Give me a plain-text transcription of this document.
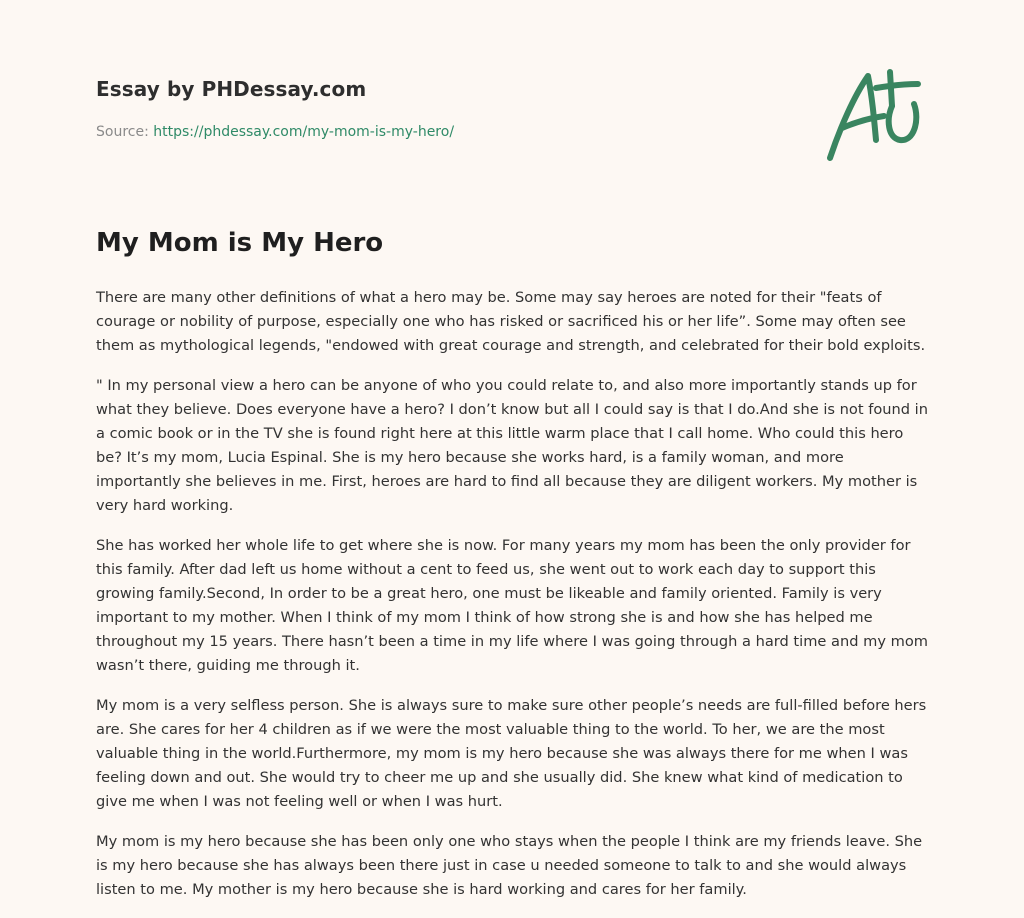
Essay by PHDessay.com
Source: https://phdessay.com/my-mom-is-my-hero/
My Mom is My Hero

There are many other definitions of what a hero may be. Some may say heroes are noted for their "feats of courage or nobility of purpose, especially one who has risked or sacrificed his or her life”. Some may often see them as mythological legends, "endowed with great courage and strength, and celebrated for their bold exploits.

" In my personal view a hero can be anyone of who you could relate to, and also more importantly stands up for what they believe. Does everyone have a hero? I don’t know but all I could say is that I do.And she is not found in a comic book or in the TV she is found right here at this little warm place that I call home. Who could this hero be? It’s my mom, Lucia Espinal. She is my hero because she works hard, is a family woman, and more importantly she believes in me. First, heroes are hard to find all because they are diligent workers. My mother is very hard working.

She has worked her whole life to get where she is now. For many years my mom has been the only provider for this family. After dad left us home without a cent to feed us, she went out to work each day to support this growing family.Second, In order to be a great hero, one must be likeable and family oriented. Family is very important to my mother. When I think of my mom I think of how strong she is and how she has helped me throughout my 15 years. There hasn’t been a time in my life where I was going through a hard time and my mom wasn’t there, guiding me through it.

My mom is a very selfless person. She is always sure to make sure other people’s needs are full-filled before hers are. She cares for her 4 children as if we were the most valuable thing to the world. To her, we are the most valuable thing in the world.Furthermore, my mom is my hero because she was always there for me when I was feeling down and out. She would try to cheer me up and she usually did. She knew what kind of medication to give me when I was not feeling well or when I was hurt.

My mom is my hero because she has been only one who stays when the people I think are my friends leave. She is my hero because she has always been there just in case u needed someone to talk to and she would always listen to me. My mother is my hero because she is hard working and cares for her family.
